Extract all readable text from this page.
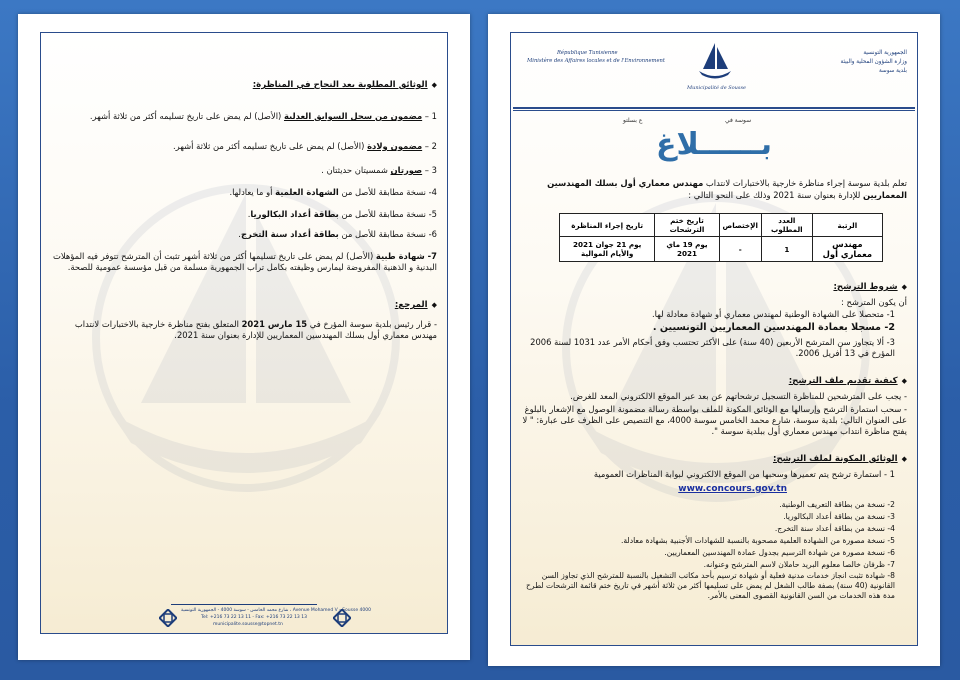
◆ الوثائق المطلوبة بعد النجاح في المناظرة:
1 – مضمون من سجل السوابق العدلية (الأصل) لم يمض على تاريخ تسليمه أكثر من ثلاثة أشهر.
2 – مضمون ولادة (الأصل) لم يمض على تاريخ تسليمه أكثر من ثلاثة أشهر.
3 – صورتان شمسيتان حديثتان .
4- نسخة مطابقة للأصل من الشهادة العلمية أو ما يعادلها.
5- نسخة مطابقة للأصل من بطاقة أعداد البكالوريا.
6- نسخة مطابقة للأصل من بطاقة أعداد سنة التخرج.
7- شهادة طبية (الأصل) لم يمض على تاريخ تسليمها أكثر من ثلاثة أشهر تثبت أن المترشح تتوفر فيه المؤهلات البدنية و الذهنية المفروضة ليمارس وظيفته بكامل تراب الجمهورية مسلمة من قبل مؤسسة عمومية للصحة.
◆ المرجع:
- قرار رئيس بلدية سوسة المؤرخ في 15 مارس 2021 المتعلق بفتح مناظرة خارجية بالاختبارات لانتداب مهندس معماري أول بسلك المهندسين المعماريين للإدارة بعنوان سنة 2021.
شارع محمد الخامس - سوسة 4000 - الجمهورية التونسية ، Avenue Mohamed V - Sousse 4000
Tel: +216 73 22 13 11 - Fax: +216 73 22 13 13
municipalite.sousse@topnet.tn
République Tunisienne
Ministère des Affaires locales et de l'Environnement
Municipalité de Sousse
الجمهورية التونسية
وزارة الشؤون المحلية والبيئة
بلدية سوسة
سوسة في
ع بسلتو
بــــــلاغ
تعلم بلدية سوسة إجراء مناظرة خارجية بالاختبارات لانتداب مهندس معماري أول بسلك المهندسين المعماريين للإدارة بعنوان سنة 2021 وذلك على النحو التالي :
الرتبة	العدد المطلوب	الإختصاص	تاريخ ختم الترشحات	تاريخ إجراء المناظرة
مهندس معماري أول	1	-	يوم 19 ماي 2021	يوم 21 جوان 2021 والأيام الموالية
◆ شروط الترشح:
أن يكون المترشح :
1- متحصلا على الشهادة الوطنية لمهندس معماري أو شهادة معادلة لها.
2- مسجلا بعمادة المهندسين المعماريين التونسيين .
3- ألا يتجاوز سن المترشح الأربعين (40 سنة) على الأكثر تحتسب وفق أحكام الأمر عدد 1031 لسنة 2006 المؤرخ في 13 أفريل 2006.
◆ كيفية تقديم ملف الترشح:
- يجب على المترشحين للمناظرة التسجيل ترشحاتهم عن بعد عبر الموقع الالكتروني المعد للغرض.
- سحب استمارة الترشح وإرسالها مع الوثائق المكونة للملف بواسطة رسالة مضمونة الوصول مع الإشعار بالبلوغ على العنوان التالي: بلدية سوسة، شارع محمد الخامس سوسة 4000، مع التنصيص على الظرف على عبارة: " لا يفتح مناظرة انتداب مهندس معماري أول ببلدية سوسة ".
◆ الوثائق المكونة لملف الترشح:
1 - استمارة ترشح يتم تعميرها وسحبها من الموقع الالكتروني لبوابة المناظرات العمومية
www.concours.gov.tn
2- نسخة من بطاقة التعريف الوطنية.
3- نسخة من بطاقة أعداد البكالوريا.
4- نسخة من بطاقة أعداد سنة التخرج.
5- نسخة مصورة من الشهادة العلمية مصحوبة بالنسبة للشهادات الأجنبية بشهادة معادلة.
6- نسخة مصورة من شهادة الترسيم بجدول عمادة المهندسين المعماريين.
7- ظرفان خالصا معلوم البريد حاملان لاسم المترشح وعنوانه.
8- شهادة تثبت انجاز خدمات مدنية فعلية أو شهادة ترسيم بأحد مكاتب التشغيل بالنسبة للمترشح الذي تجاوز السن القانونية (40 سنة) بصفة طالب الشغل لم يمض على تسليمها أكثر من ثلاثة أشهر في تاريخ ختم قائمة الترشحات لطرح مدة هذه الخدمات من السن القانونية القصوى المعنى بالأمر.
